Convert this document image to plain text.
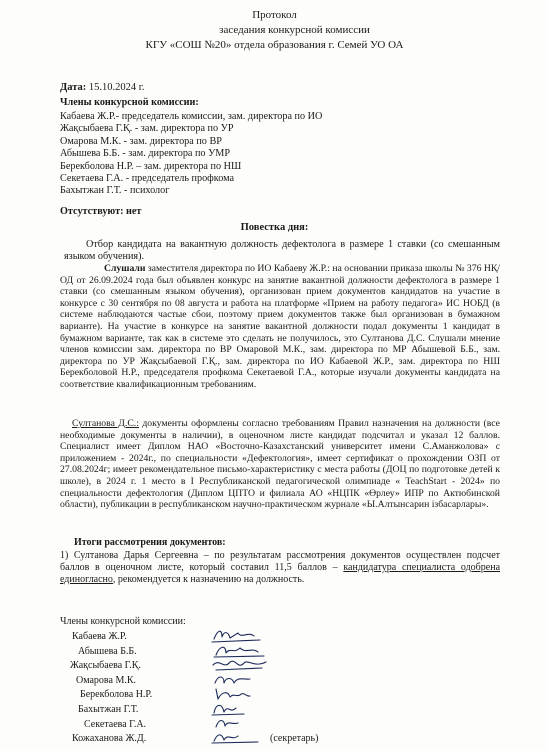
Протокол
заседания конкурсной комиссии
КГУ «СОШ №20» отдела образования г. Семей УО ОА
Дата: 15.10.2024 г.
Члены конкурсной комиссии:
Кабаева Ж.Р.- председатель комиссии, зам. директора по ИО
Жақсыбаева Г.Қ. - зам. директора по УР
Омарова М.К. - зам. директора по ВР
Абышева Б.Б. - зам. директора по УМР
Берекболова Н.Р. – зам. директора по НШ
Секетаева Г.А. - председатель профкома
Бахытжан Г.Т. - психолог
Отсутствуют: нет
Повестка дня:
Отбор кандидата на вакантную должность дефектолога в размере 1 ставки (со смешанным языком обучения).
Слушали заместителя директора по ИО Кабаеву Ж.Р.: на основании приказа школы № 376 НҚ/ОД от 26.09.2024 года был объявлен конкурс на занятие вакантной должности дефектолога в размере 1 ставки (со смешанным языком обучения), организован прием документов кандидатов на участие в конкурсе с 30 сентября по 08 августа и работа на платформе «Прием на работу педагога» ИС НОБД (в системе наблюдаются частые сбои, поэтому прием документов также был организован в бумажном варианте). На участие в конкурсе на занятие вакантной должности подал документы 1 кандидат в бумажном варианте, так как в системе это сделать не получилось, это Султанова Д.С. Слушали мнение членов комиссии зам. директора по ВР Омаровой М.К., зам. директора по МР Абышевой Б.Б., зам. директора по УР Жақсыбаевой Г.Қ., зам. директора по ИО Кабаевой Ж.Р., зам. директора по НШ Берекболовой Н.Р., председателя профкома Секетаевой Г.А., которые изучали документы кандидата на соответствие квалификационным требованиям.
Султанова Д.С.: документы оформлены согласно требованиям Правил назначения на должности (все необходимые документы в наличии), в оценочном листе кандидат подсчитал и указал 12 баллов. Специалист имеет Диплом НАО «Восточно-Казахстанский университет имени С.Аманжолова» с приложением - 2024г., по специальности «Дефектология», имеет сертификат о прохождении ОЗП от 27.08.2024г; имеет рекомендательное письмо-характеристику с места работы (ДОЦ по подготовке детей к школе), в 2024 г. 1 место в I Республиканской педагогической олимпиаде « TeachStart - 2024» по специальности дефектология (Диплом ЦПТО и филиала АО «НЦПК «Өрлеу» ИПР по Актюбинской области), публикации в республиканском научно-практическом журнале «Ы.Алтынсарин ізбасарлары».
Итоги рассмотрения документов:
1) Султанова Дарья Сергеевна – по результатам рассмотрения документов осуществлен подсчет баллов в оценочном листе, который составил 11,5 баллов – кандидатура специалиста одобрена единогласно, рекомендуется к назначению на должность.
Члены конкурсной комиссии:
Кабаева Ж.Р.
Абышева Б.Б.
Жақсыбаева Г.Қ.
Омарова М.К.
Берекболова Н.Р.
Бахытжан Г.Т.
Секетаева Г.А.
Кожаханова Ж.Д.	(секретарь)
